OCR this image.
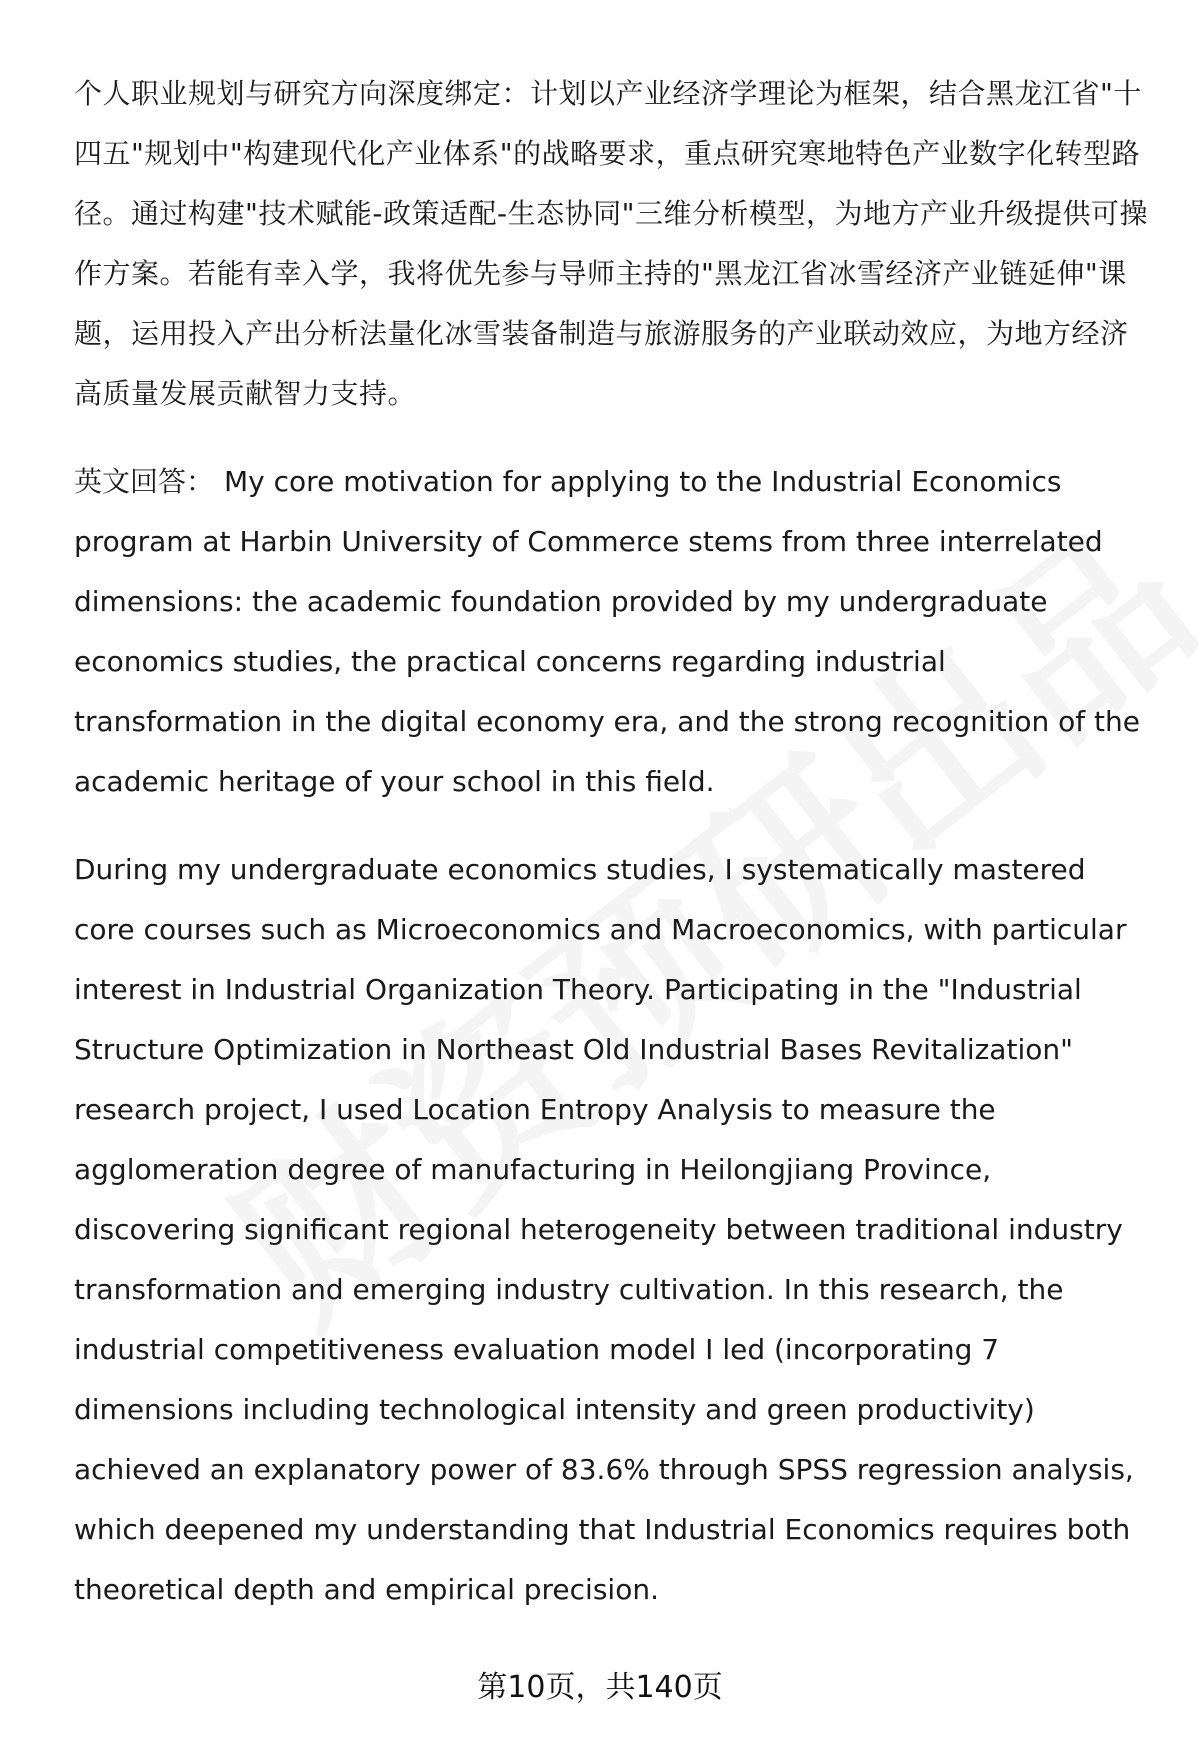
个人职业规划与研究方向深度绑定：计划以产业经济学理论为框架，结合黑龙江省"十四五"规划中"构建现代化产业体系"的战略要求，重点研究寒地特色产业数字化转型路径。通过构建"技术赋能-政策适配-生态协同"三维分析模型，为地方产业升级提供可操作方案。若能有幸入学，我将优先参与导师主持的"黑龙江省冰雪经济产业链延伸"课题，运用投入产出分析法量化冰雪装备制造与旅游服务的产业联动效应，为地方经济高质量发展贡献智力支持。

英文回答： My core motivation for applying to the Industrial Economics program at Harbin University of Commerce stems from three interrelated dimensions: the academic foundation provided by my undergraduate economics studies, the practical concerns regarding industrial transformation in the digital economy era, and the strong recognition of the academic heritage of your school in this field.

During my undergraduate economics studies, I systematically mastered core courses such as Microeconomics and Macroeconomics, with particular interest in Industrial Organization Theory. Participating in the "Industrial Structure Optimization in Northeast Old Industrial Bases Revitalization" research project, I used Location Entropy Analysis to measure the agglomeration degree of manufacturing in Heilongjiang Province, discovering significant regional heterogeneity between traditional industry transformation and emerging industry cultivation. In this research, the industrial competitiveness evaluation model I led (incorporating 7 dimensions including technological intensity and green productivity) achieved an explanatory power of 83.6% through SPSS regression analysis, which deepened my understanding that Industrial Economics requires both theoretical depth and empirical precision.

第10页，共140页
